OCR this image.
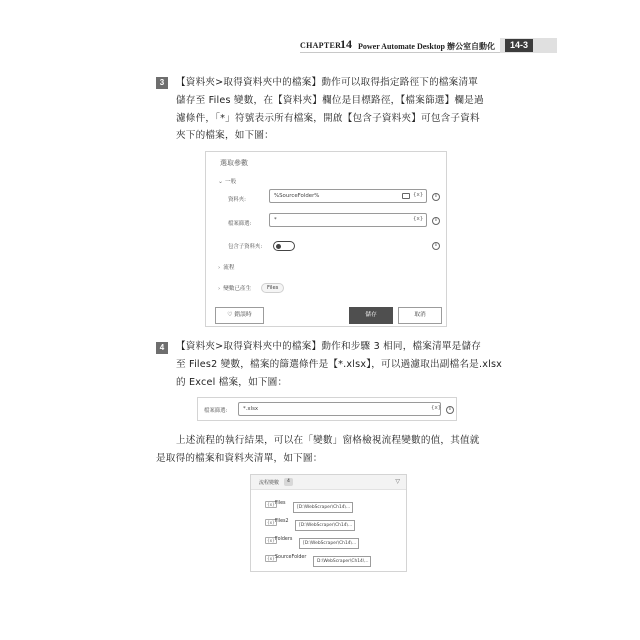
CHAPTER
14 Power Automate Desktop 辦公室自動化	14-3
3	【資料夾>取得資料夾中的檔案】動作可以取得指定路徑下的檔案清單
儲存至 Files 變數，在【資料夾】欄位是目標路徑，【檔案篩選】欄是過
濾條件，「*」符號表示所有檔案，開啟【包含子資料夾】可包含子資料
夾下的檔案，如下圖：
選取參數
⌄ 一般
資料夾:
%SourceFolder%	{x}	i
檔案篩選:
*	{x}	i
包含子資料夾:	i
› 流程
› 變數已產生	Files
♡ 錯誤時	儲存	取消
4	【資料夾>取得資料夾中的檔案】動作和步驟 3 相同，檔案清單是儲存
至 Files2 變數，檔案的篩選條件是【*.xlsx】，可以過濾取出副檔名是.xlsx
的 Excel 檔案，如下圖：
檔案篩選:	*.xlsx	{x}	i
上述流程的執行結果，可以在「變數」窗格檢視流程變數的值，其值就
是取得的檔案和資料夾清單，如下圖：
流程變數	4	▽
{x} Files
[D:\WebScraper\Ch14\...
{x} Files2
[D:\WebScraper\Ch14\...
{x} Folders
[D:\WebScraper\Ch14\...
{x} SourceFolder
D:\WebScraper\Ch14\...
